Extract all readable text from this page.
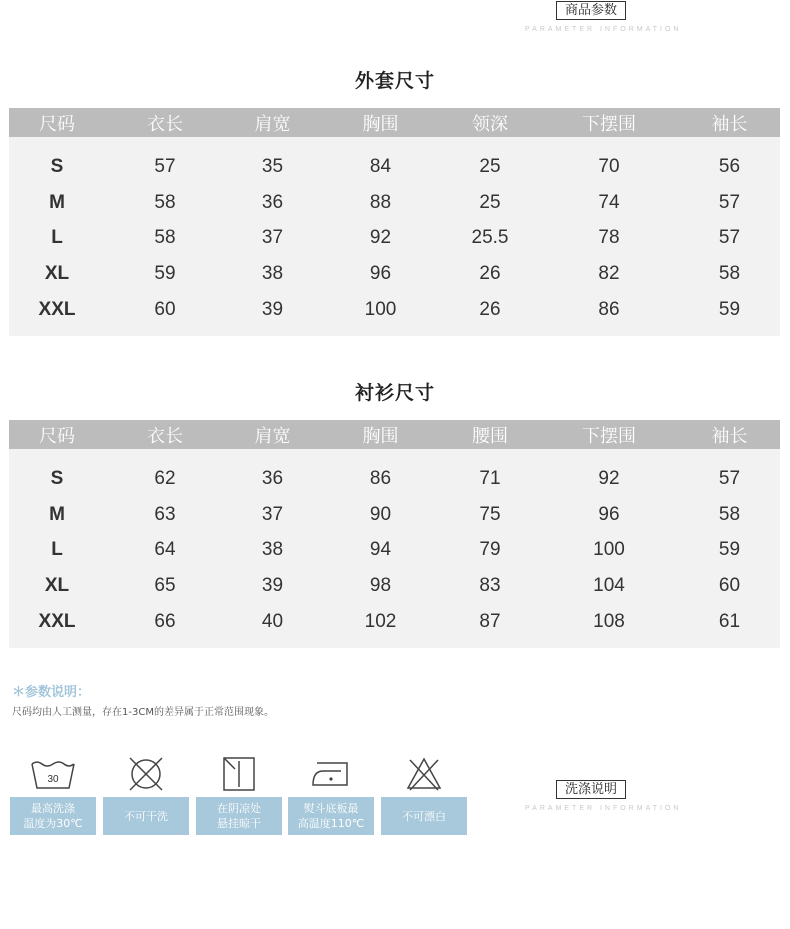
商品参数
PARAMETER INFORMATION
外套尺寸
尺码	衣长	肩宽	胸围	领深	下摆围	袖长

S	57	35	84	25	70	56
M	58	36	88	25	74	57
L	58	37	92	25.5	78	57
XL	59	38	96	26	82	58
XXL	60	39	100	26	86	59

衬衫尺寸
尺码	衣长	肩宽	胸围	腰围	下摆围	袖长

S	62	36	86	71	92	57
M	63	37	90	75	96	58
L	64	38	94	79	100	59
XL	65	39	98	83	104	60
XXL	66	40	102	87	108	61

＊参数说明：
尺码均由人工测量，存在1-3CM的差异属于正常范围现象。
30
最高洗涤
温度为30℃
不可干洗
在阴凉处
悬挂晾干
熨斗底板最
高温度110℃
不可漂白
洗涤说明
PARAMETER INFORMATION
